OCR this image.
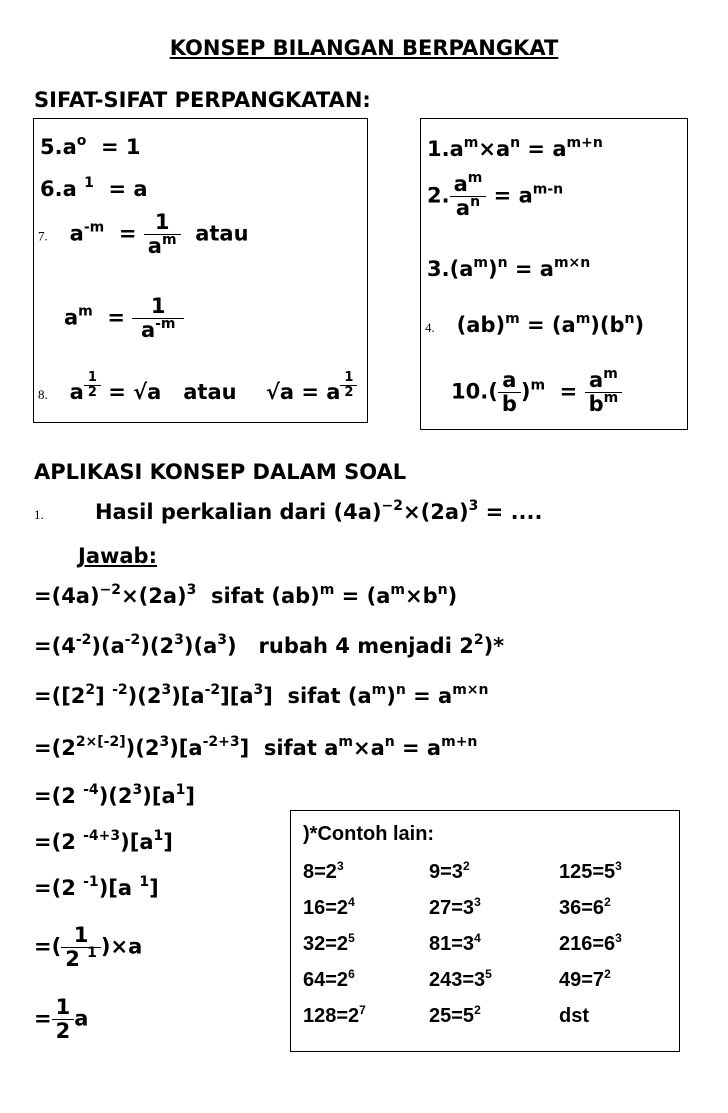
KONSEP BILANGAN BERPANGKAT
SIFAT-SIFAT PERPANGKATAN:
$5.a^o = 1$
6.a $^1$  = a
7.   $a^{-m} = \frac{1}{a^m}$ atau
$a^m = \frac{1}{a^{-m}}$
8.   a $^{\frac{1}{2}}$ = √a   atau    √a = a $^{\frac{1}{2}}$
$1.a^m\times a^n = a^{m+n}$
2. $\frac{a^m}{a^n} = a^{m-n}$
$3.(a^m)^n = a^{m\times n}$
4.   $(ab)^m = (a^m)(b^n)$
$10.( \frac{a}{b} )^m = \frac{a^m}{b^m}$
APLIKASI KONSEP DALAM SOAL
1. Hasil perkalian dari $(4a)^{-2}\times(2a)^3$ = ....
Jawab:
$=(4a)^{-2}\times(2a)^3$ sifat $(ab)^m = (a^m\times b^n)$
$=(4^{-2})(a^{-2})(2^3)(a^3)$   rubah 4 menjadi $2^2)*$
$=([2^2]$ $^{-2})(2^3)[a^{-2}][a^3]$  sifat $(a^m)^n = a^{m\times n}$
$=(2^{2\times[-2]})(2^3)[a^{-2+3}]$  sifat $a^m\times a^n = a^{m+n}$
=(2 $^{-4})(2^3)[a^1]$
=(2 $^{-4+3})[a^1]$
=(2 $^{-1}$)[a $^1$]
=( $\frac{1}{2 ^1} )\times a$
= $\frac{1}{2}$ a
)*Contoh lain:
$8=2^3$	$9=3^2$	$125=5^3$
$16=2^4$	$27=3^3$	$36=6^2$
$32=2^5$	$81=3^4$	$216=6^3$
$64=2^6$	$243=3^5$	$49=7^2$
$128=2^7$	$25=5^2$	dst
